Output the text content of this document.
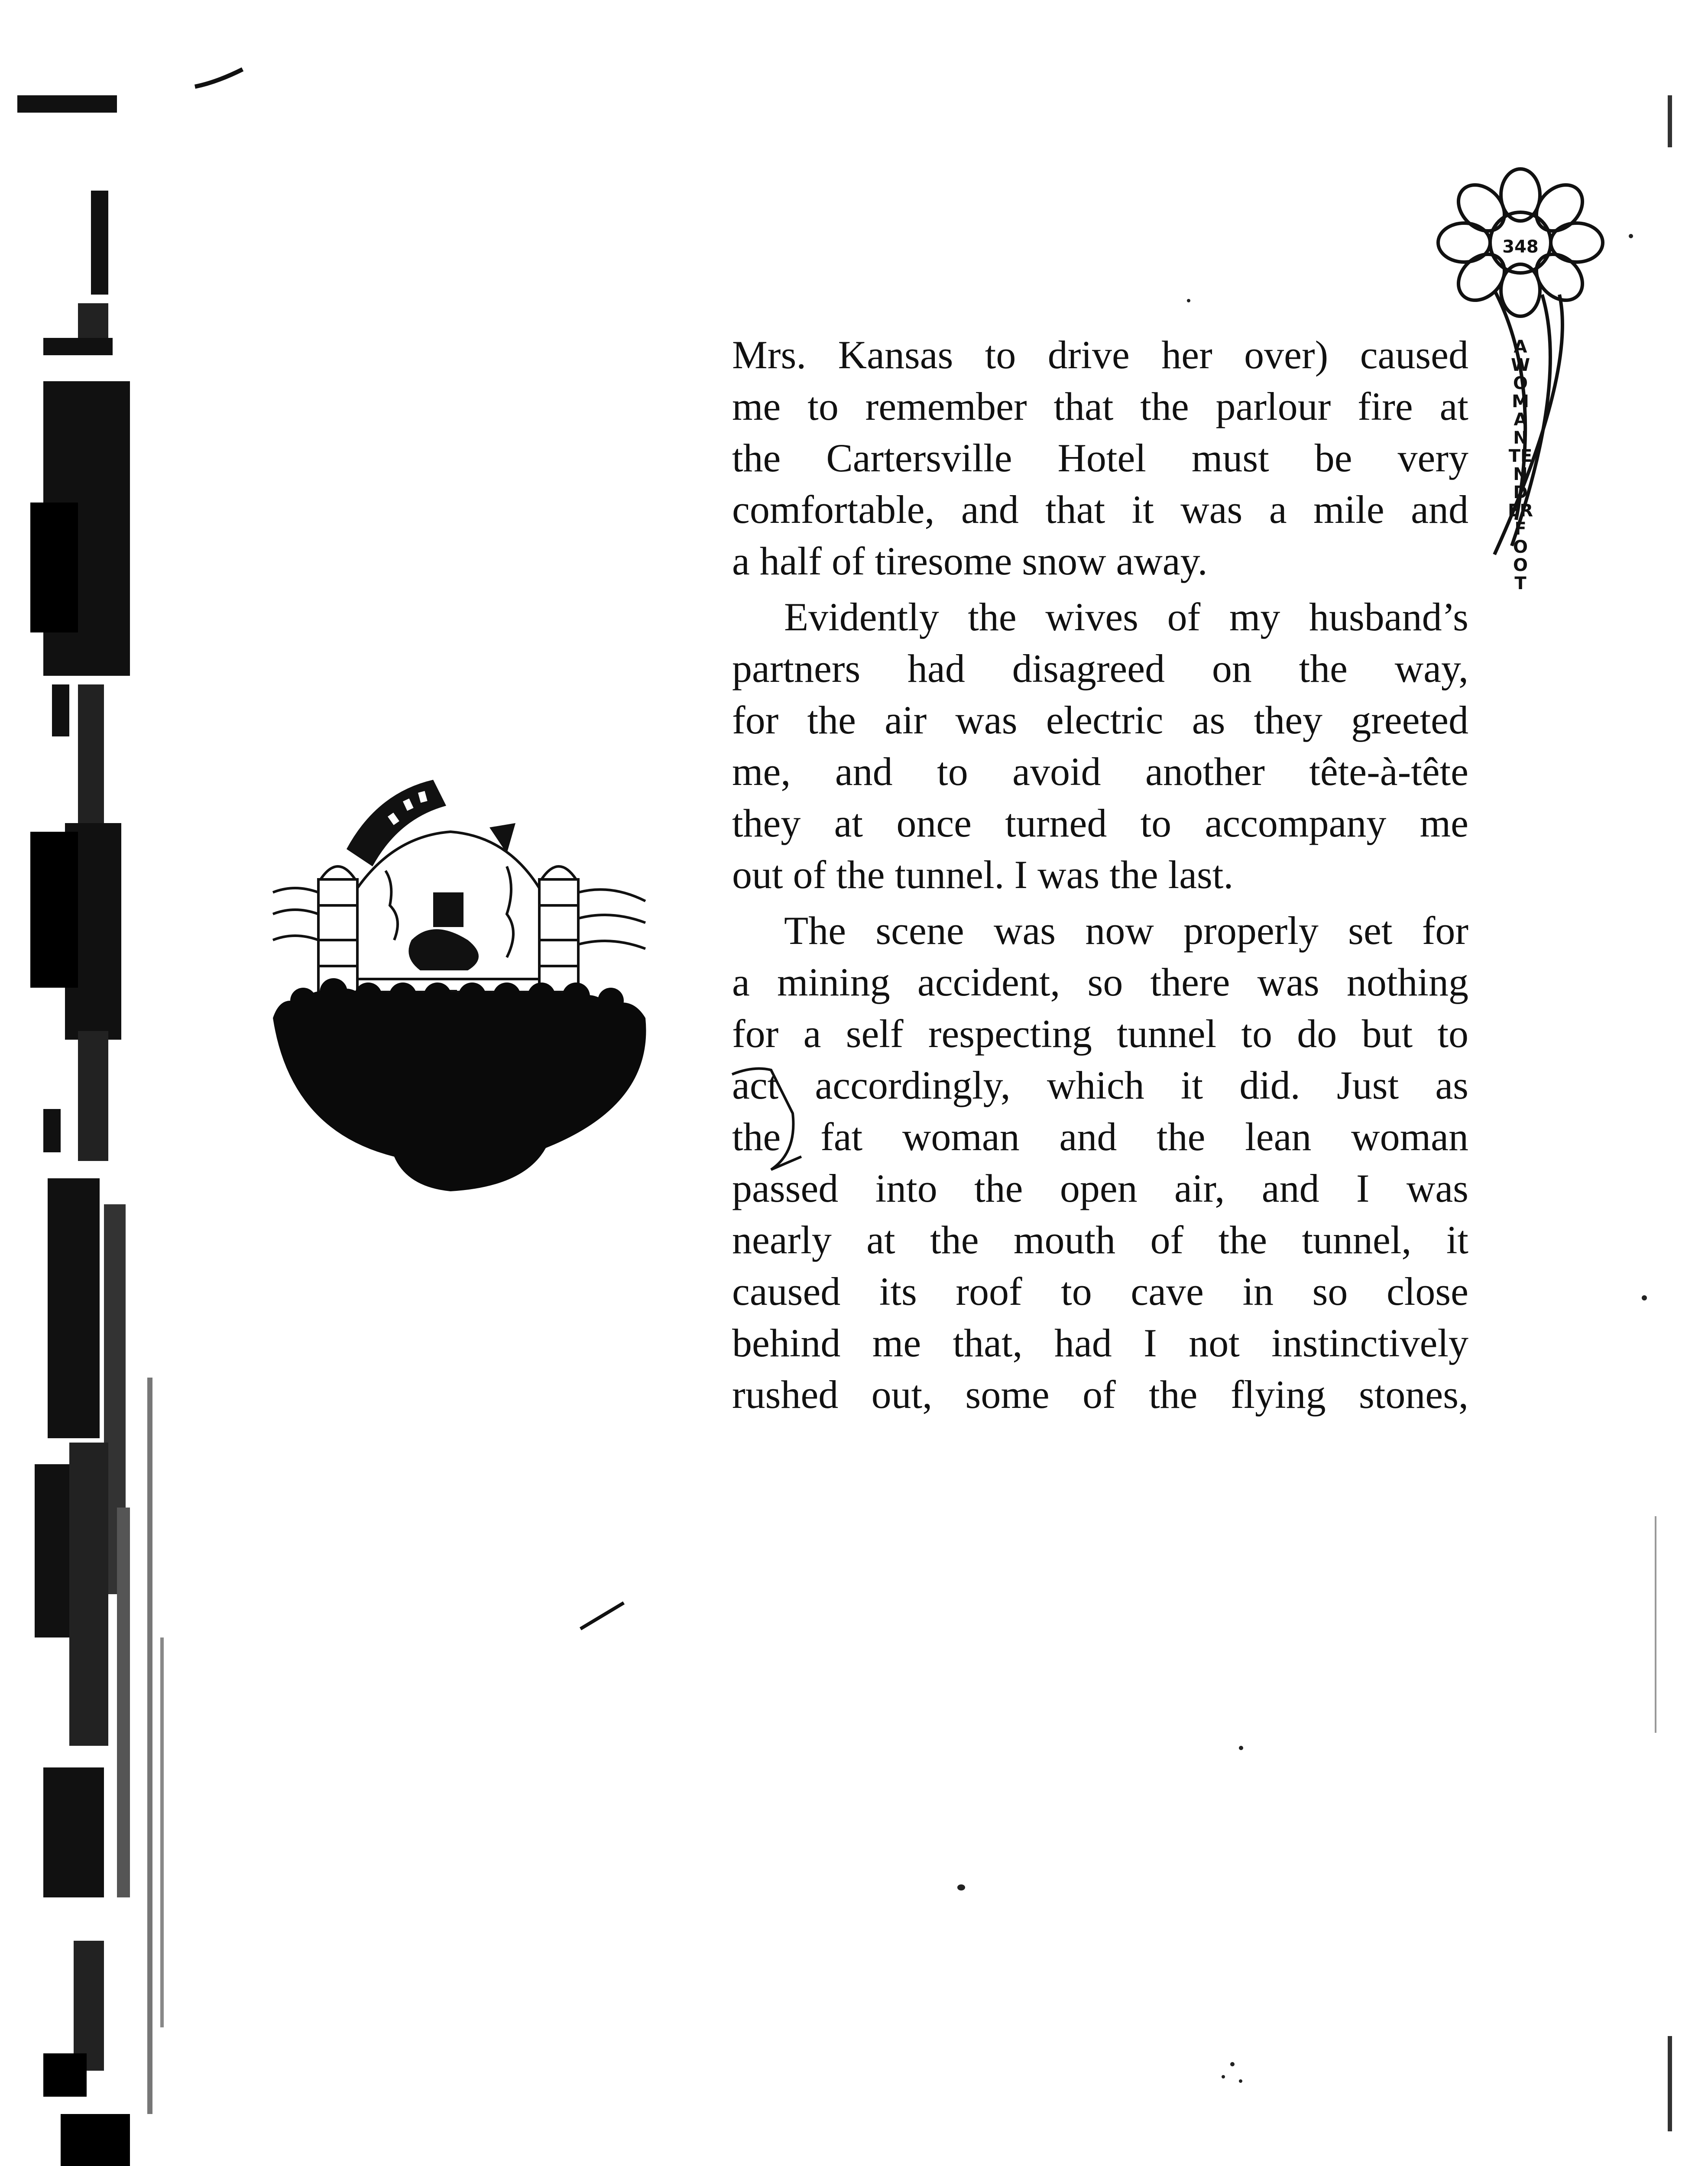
348
A WOMAN TENDERFOOT

Mrs. Kansas to drive her over) caused
me to remember that the parlour fire at
the Cartersville Hotel must be very
comfortable, and that it was a mile and
a half of tiresome snow away.

Evidently the wives of my husband’s
partners had disagreed on the way,
for the air was electric as they greeted
me, and to avoid another tête-à-tête
they at once turned to accompany me
out of the tunnel. I was the last.

The scene was now properly set for
a mining accident, so there was nothing
for a self respecting tunnel to do but to
act accordingly, which it did. Just as
the fat woman and the lean woman
passed into the open air, and I was
nearly at the mouth of the tunnel, it
caused its roof to cave in so close
behind me that, had I not instinctively
rushed out, some of the flying stones,
